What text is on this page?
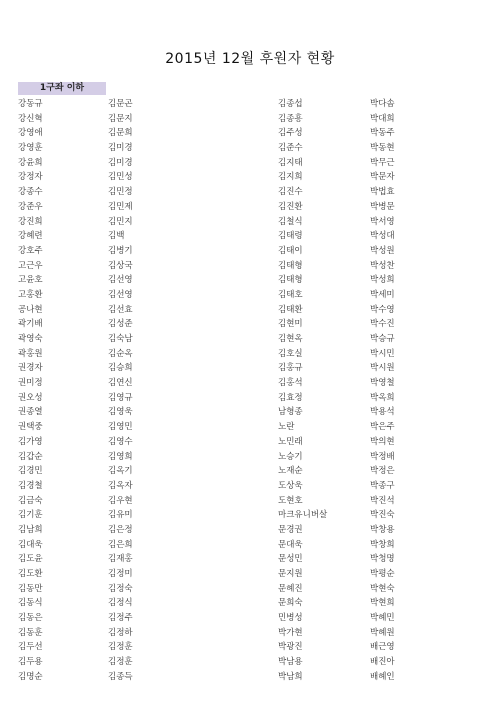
2015년 12월 후원자 현황
1구좌 이하
강동규
강신혁
강영애
강영훈
강윤희
강정자
강종수
강준우
강진희
강혜련
강호주
고근우
고윤호
고홍환
공나현
곽기배
곽영숙
곽홍원
권경자
권미정
권오성
권종열
권택중
김가영
김갑순
김경민
김경철
김금숙
김기훈
김남희
김대욱
김도윤
김도환
김동만
김동식
김동은
김동훈
김두선
김두용
김명순
김문곤
김문지
김문희
김미경
김미경
김민성
김민정
김민제
김민지
김백
김병기
김상국
김선영
김선영
김선효
김성준
김숙남
김순옥
김승희
김연신
김영규
김영욱
김영민
김영수
김영희
김옥기
김옥자
김우현
김유미
김은정
김은희
김재홍
김정미
김정숙
김정식
김정주
김정하
김정훈
김정훈
김종득
김종섭
김종흥
김주성
김준수
김지태
김지희
김진수
김진환
김철식
김태령
김태이
김태형
김태형
김태호
김태환
김현미
김현옥
김호실
김홍규
김홍석
김효정
남형종
노란
노민래
노승기
노재순
도상욱
도현호
마크유니버살
문경권
문대욱
문성민
문지원
문혜진
문희숙
민병성
박가현
박광진
박남용
박남희
박다솜
박대희
박동주
박동현
박무근
박문자
박법효
박병문
박서영
박성대
박성원
박성찬
박성희
박세미
박수영
박수진
박승규
박시민
박시원
박영철
박옥희
박용석
박은주
박의현
박정배
박정은
박종구
박진석
박진숙
박창용
박창희
박청명
박평순
박현숙
박현희
박혜민
박혜원
배근영
배진아
배혜인
